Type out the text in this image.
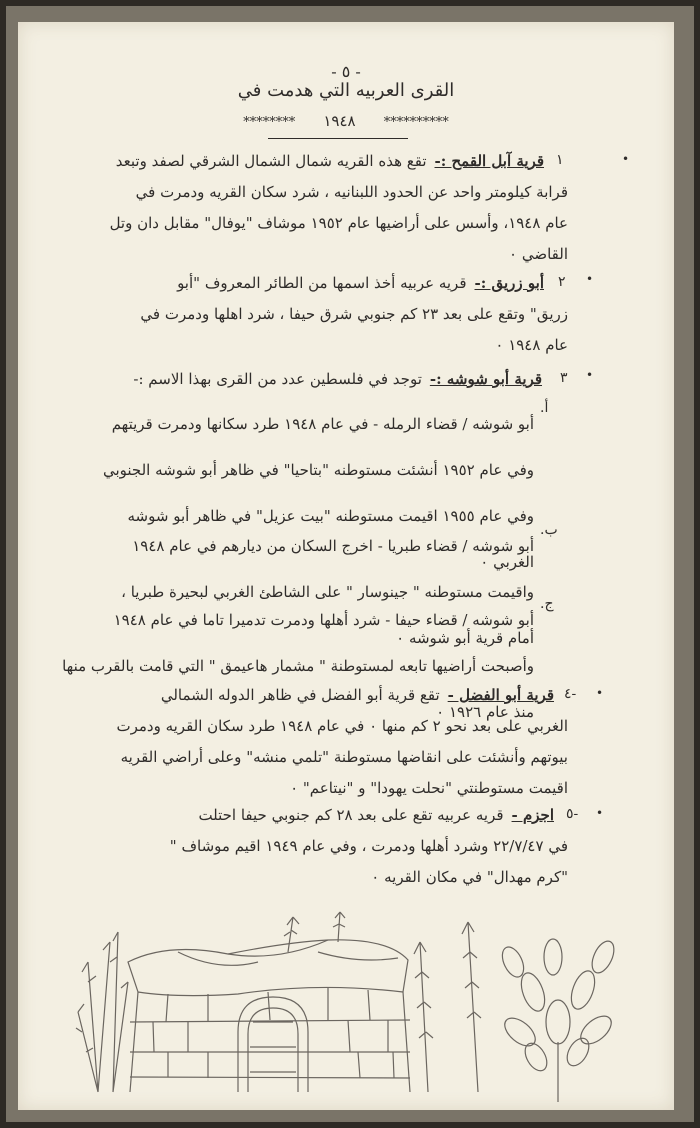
- ٥ -
القرى العربيه التي هدمت في
********** ١٩٤٨ ********
•
١

قرية آبل القمح :-تقع هذه القريه شمال الشمال الشرقي لصفد وتبعد

قرابة كيلومتر واحد عن الحدود اللبنانيه ، شرد سكان القريه ودمرت في

عام ١٩٤٨، وأسس على أراضيها عام ١٩٥٢ موشاف "يوفال" مقابل دان وتل

القاضي ٠

•
٢

أبو زريق :-قريه عربيه أخذ اسمها من الطائر المعروف "أبو

زريق" وتقع على بعد ٢٣ كم جنوبي شرق حيفا ، شرد اهلها ودمرت في

عام ١٩٤٨ ٠

•
٣

قرية أبو شوشه :-توجد في فلسطين عدد من القرى بهذا الاسم :-

أ.

أبو شوشه / قضاء الرمله - في عام ١٩٤٨ طرد سكانها ودمرت قريتهم

وفي عام ١٩٥٢ أنشئت مستوطنه "بتاحيا" في ظاهر أبو شوشه الجنوبي

وفي عام ١٩٥٥ اقيمت مستوطنه "بيت عزيل" في ظاهر أبو شوشه

الغربي ٠

ب.

أبو شوشه / قضاء طبريا - اخرج السكان من ديارهم في عام ١٩٤٨

واقيمت مستوطنه " جينوسار " على الشاطئ الغربي لبحيرة طبريا ،

أمام قرية أبو شوشه ٠

ج.

أبو شوشه / قضاء حيفا - شرد أهلها ودمرت تدميرا تاما في عام ١٩٤٨

وأصبحت أراضيها تابعه لمستوطنة " مشمار هاعيمق " التي قامت بالقرب منها

منذ عام ١٩٢٦ ٠

•
-٤

قرية أبو الفضل -تقع قرية أبو الفضل في ظاهر الدوله الشمالي

الغربي على بعد نحو ٢ كم منها ٠ في عام ١٩٤٨ طرد سكان القريه ودمرت

بيوتهم وأنشئت على انقاضها مستوطنة "تلمي منشه" وعلى أراضي القريه

اقيمت مستوطنتي "نحلت يهودا" و "نيتاعم" ٠

•
-٥

اجزم -قريه عربيه تقع على بعد ٢٨ كم جنوبي حيفا احتلت

في ٢٢/٧/٤٧ وشرد أهلها ودمرت ، وفي عام ١٩٤٩ اقيم موشاف "

"كرم مهدال" في مكان القريه ٠
